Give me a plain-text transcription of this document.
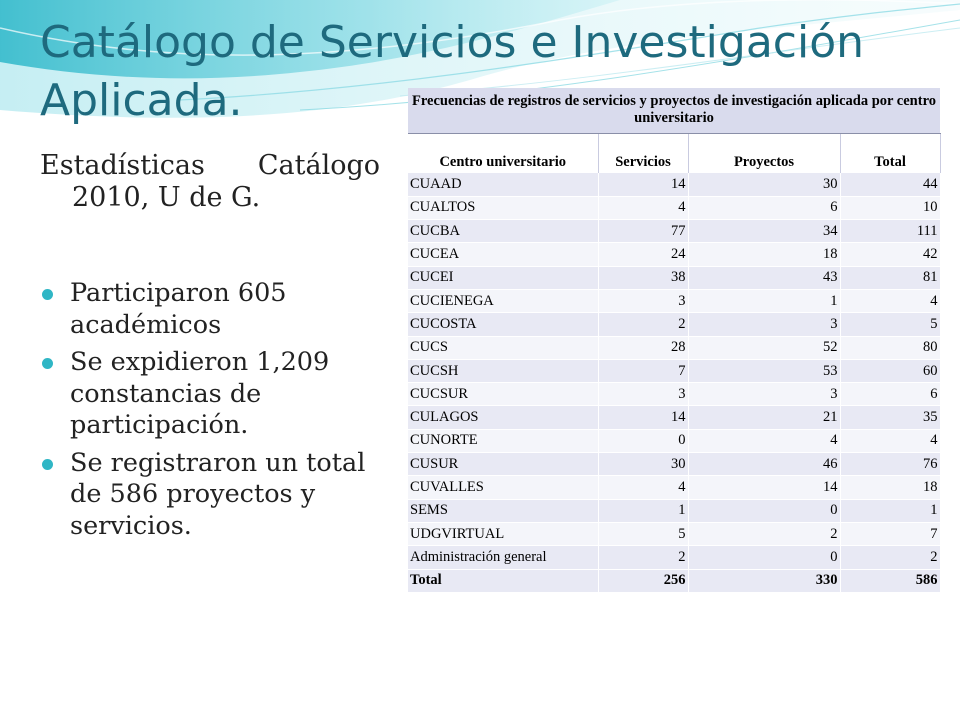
Catálogo de Servicios e Investigación Aplicada.
Estadísticas Catálogo
2010, U de G.
Participaron 605 académicos
Se expidieron 1,209 constancias de participación.
Se registraron un total de 586 proyectos y servicios.
Frecuencias de registros de servicios y proyectos de investigación aplicada por centro universitario			
Centro universitario	Servicios	Proyectos	Total
CUAAD	14	30	44
CUALTOS	4	6	10
CUCBA	77	34	111
CUCEA	24	18	42
CUCEI	38	43	81
CUCIENEGA	3	1	4
CUCOSTA	2	3	5
CUCS	28	52	80
CUCSH	7	53	60
CUCSUR	3	3	6
CULAGOS	14	21	35
CUNORTE	0	4	4
CUSUR	30	46	76
CUVALLES	4	14	18
SEMS	1	0	1
UDGVIRTUAL	5	2	7
Administración general	2	0	2
Total	256	330	586
